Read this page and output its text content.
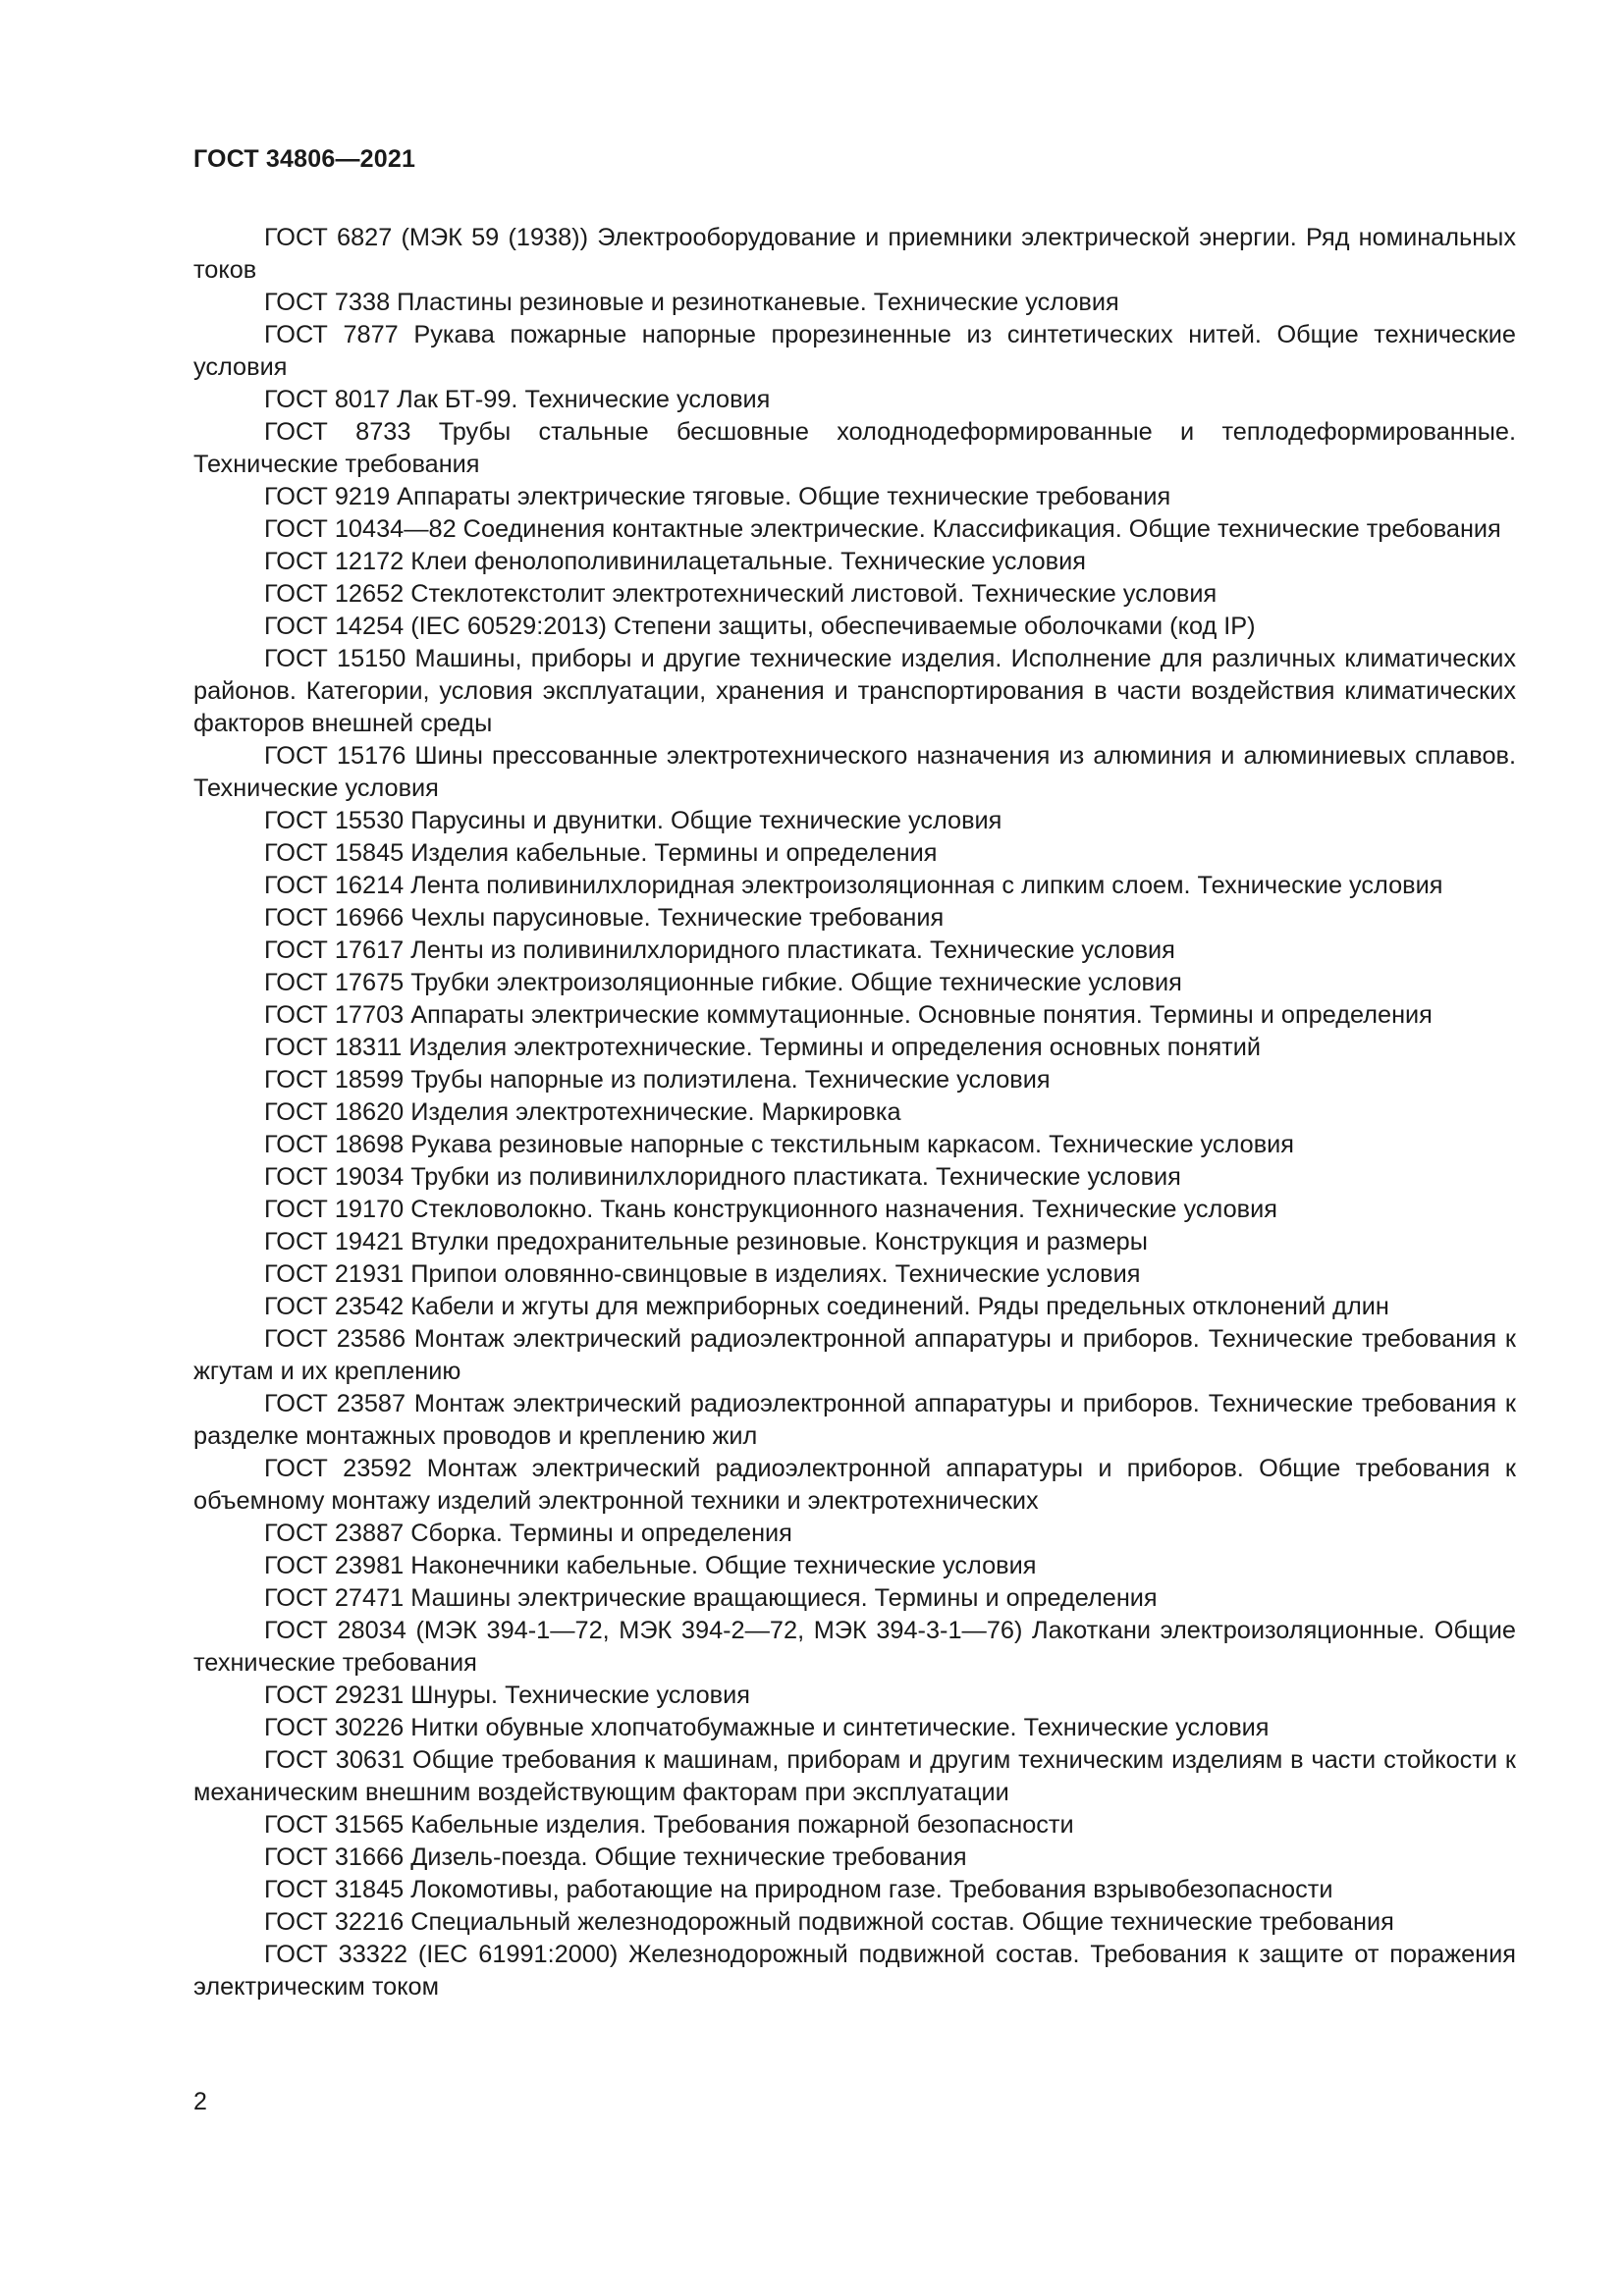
ГОСТ 34806—2021
ГОСТ 6827 (МЭК 59 (1938)) Электрооборудование и приемники электрической энергии. Ряд номинальных токов
ГОСТ 7338 Пластины резиновые и резинотканевые. Технические условия
ГОСТ 7877 Рукава пожарные напорные прорезиненные из синтетических нитей. Общие технические условия
ГОСТ 8017 Лак БТ-99. Технические условия
ГОСТ 8733 Трубы стальные бесшовные холоднодеформированные и теплодеформированные. Технические требования
ГОСТ 9219 Аппараты электрические тяговые. Общие технические требования
ГОСТ 10434—82 Соединения контактные электрические. Классификация. Общие технические требования
ГОСТ 12172 Клеи фенолополивинилацетальные. Технические условия
ГОСТ 12652 Стеклотекстолит электротехнический листовой. Технические условия
ГОСТ 14254 (IEC 60529:2013) Степени защиты, обеспечиваемые оболочками (код IP)
ГОСТ 15150 Машины, приборы и другие технические изделия. Исполнение для различных климатических районов. Категории, условия эксплуатации, хранения и транспортирования в части воздействия климатических факторов внешней среды
ГОСТ 15176 Шины прессованные электротехнического назначения из алюминия и алюминиевых сплавов. Технические условия
ГОСТ 15530 Парусины и двунитки. Общие технические условия
ГОСТ 15845 Изделия кабельные. Термины и определения
ГОСТ 16214 Лента поливинилхлоридная электроизоляционная с липким слоем. Технические условия
ГОСТ 16966 Чехлы парусиновые. Технические требования
ГОСТ 17617 Ленты из поливинилхлоридного пластиката. Технические условия
ГОСТ 17675 Трубки электроизоляционные гибкие. Общие технические условия
ГОСТ 17703 Аппараты электрические коммутационные. Основные понятия. Термины и определения
ГОСТ 18311 Изделия электротехнические. Термины и определения основных понятий
ГОСТ 18599 Трубы напорные из полиэтилена. Технические условия
ГОСТ 18620 Изделия электротехнические. Маркировка
ГОСТ 18698 Рукава резиновые напорные с текстильным каркасом. Технические условия
ГОСТ 19034 Трубки из поливинилхлоридного пластиката. Технические условия
ГОСТ 19170 Стекловолокно. Ткань конструкционного назначения. Технические условия
ГОСТ 19421 Втулки предохранительные резиновые. Конструкция и размеры
ГОСТ 21931 Припои оловянно-свинцовые в изделиях. Технические условия
ГОСТ 23542 Кабели и жгуты для межприборных соединений. Ряды предельных отклонений длин
ГОСТ 23586 Монтаж электрический радиоэлектронной аппаратуры и приборов. Технические требования к жгутам и их креплению
ГОСТ 23587 Монтаж электрический радиоэлектронной аппаратуры и приборов. Технические требования к разделке монтажных проводов и креплению жил
ГОСТ 23592 Монтаж электрический радиоэлектронной аппаратуры и приборов. Общие требования к объемному монтажу изделий электронной техники и электротехнических
ГОСТ 23887 Сборка. Термины и определения
ГОСТ 23981 Наконечники кабельные. Общие технические условия
ГОСТ 27471 Машины электрические вращающиеся. Термины и определения
ГОСТ 28034 (МЭК 394-1—72, МЭК 394-2—72, МЭК 394-3-1—76) Лакоткани электроизоляционные. Общие технические требования
ГОСТ 29231 Шнуры. Технические условия
ГОСТ 30226 Нитки обувные хлопчатобумажные и синтетические. Технические условия
ГОСТ 30631 Общие требования к машинам, приборам и другим техническим изделиям в части стойкости к механическим внешним воздействующим факторам при эксплуатации
ГОСТ 31565 Кабельные изделия. Требования пожарной безопасности
ГОСТ 31666 Дизель-поезда. Общие технические требования
ГОСТ 31845 Локомотивы, работающие на природном газе. Требования взрывобезопасности
ГОСТ 32216 Специальный железнодорожный подвижной состав. Общие технические требования
ГОСТ 33322 (IEC 61991:2000) Железнодорожный подвижной состав. Требования к защите от поражения электрическим током
2
